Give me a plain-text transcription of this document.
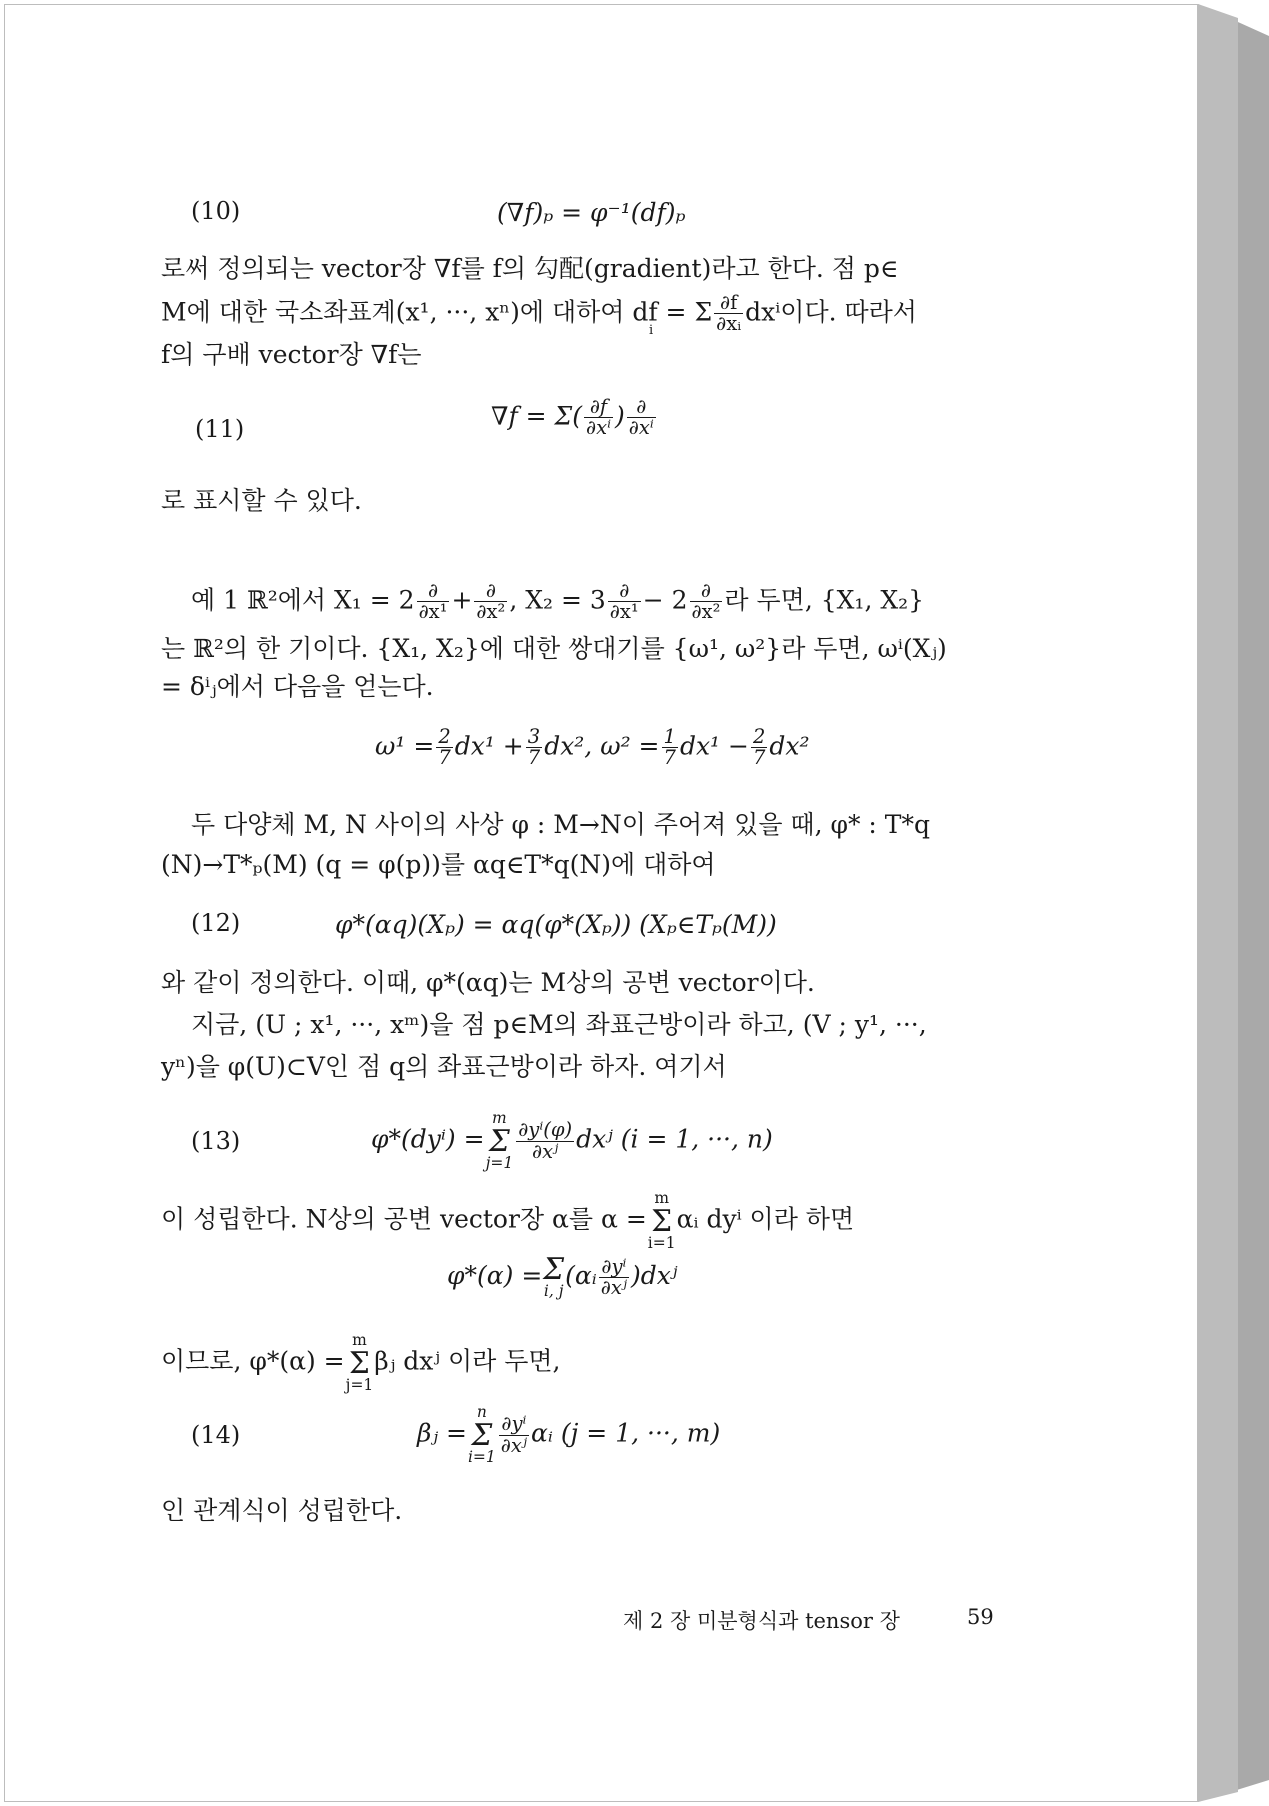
(10)	(∇f)ₚ = φ⁻¹(df)ₚ
로써 정의되는 vector장 ∇f를 f의 勾配(gradient)라고 한다. 점 p∈
M에 대한 국소좌표계(x¹, ···, xⁿ)에 대하여 df = Σ $\frac{\partial f}{\text{∂xᵢ}}$ dxⁱ이다. 따라서
i
f의 구배 vector장 ∇f는
(11)	$\nabla f = \Sigma( \frac{\partial f}{\text{∂xⁱ}}$ ) $\frac{\partial}{\text{∂xⁱ}}$
로 표시할 수 있다.
예 1 ℝ²에서 $X_1 = 2 \frac{\partial}{\text{∂x¹}} + \frac{\partial}{\text{∂x²}}$ , $X_2 = 3 \frac{\partial}{\text{∂x¹}} - 2 \frac{\partial}{\text{∂x²}}$ 라 두면, {X₁, X₂}
는 ℝ²의 한 기이다. {X₁, X₂}에 대한 쌍대기를 {ω¹, ω²}라 두면, ωⁱ(Xⱼ)
= δⁱⱼ에서 다음을 얻는다.
$\omega^1 = \frac{2}{7} dx^1 + \frac{3}{7} dx^2$, $\omega^2 = \frac{1}{7} dx^1 - \frac{2}{7} dx^2$
두 다양체 M, N 사이의 사상 φ : M→N이 주어져 있을 때, φ* : T*q
(N)→T*ₚ(M) (q = φ(p))를 αq∈T*q(N)에 대하여
(12)	φ*(αq)(Xₚ) = αq(φ*(Xₚ)) (Xₚ∈Tₚ(M))
와 같이 정의한다. 이때, φ*(αq)는 M상의 공변 vector이다.
지금, (U ; x¹, ···, xᵐ)을 점 p∈M의 좌표근방이라 하고, (V ; y¹, ···,
yⁿ)을 φ(U)⊂V인 점 q의 좌표근방이라 하자. 여기서
(13)	φ*(dyⁱ) =m
Σ
j=1
$\frac{\text{∂yⁱ(φ)}}{\text{∂xʲ}}$ dxʲ (i = 1, ···, n)
이 성립한다. N상의 공변 vector장 α를 α =m
Σ
i=1αᵢ dyⁱ 이라 하면
φ*(α) = Σ
i, j(αᵢ $\frac{\text{∂yⁱ}}{\text{∂xʲ}}$ )dxʲ
이므로, φ*(α) =m
Σ
j=1βⱼ dxʲ 이라 두면,
(14)	βⱼ =n
Σ
i=1
$\frac{\text{∂yⁱ}}{\text{∂xʲ}}$ αᵢ (j = 1, ···, m)
인 관계식이 성립한다.
제 2 장 미분형식과 tensor 장	59
